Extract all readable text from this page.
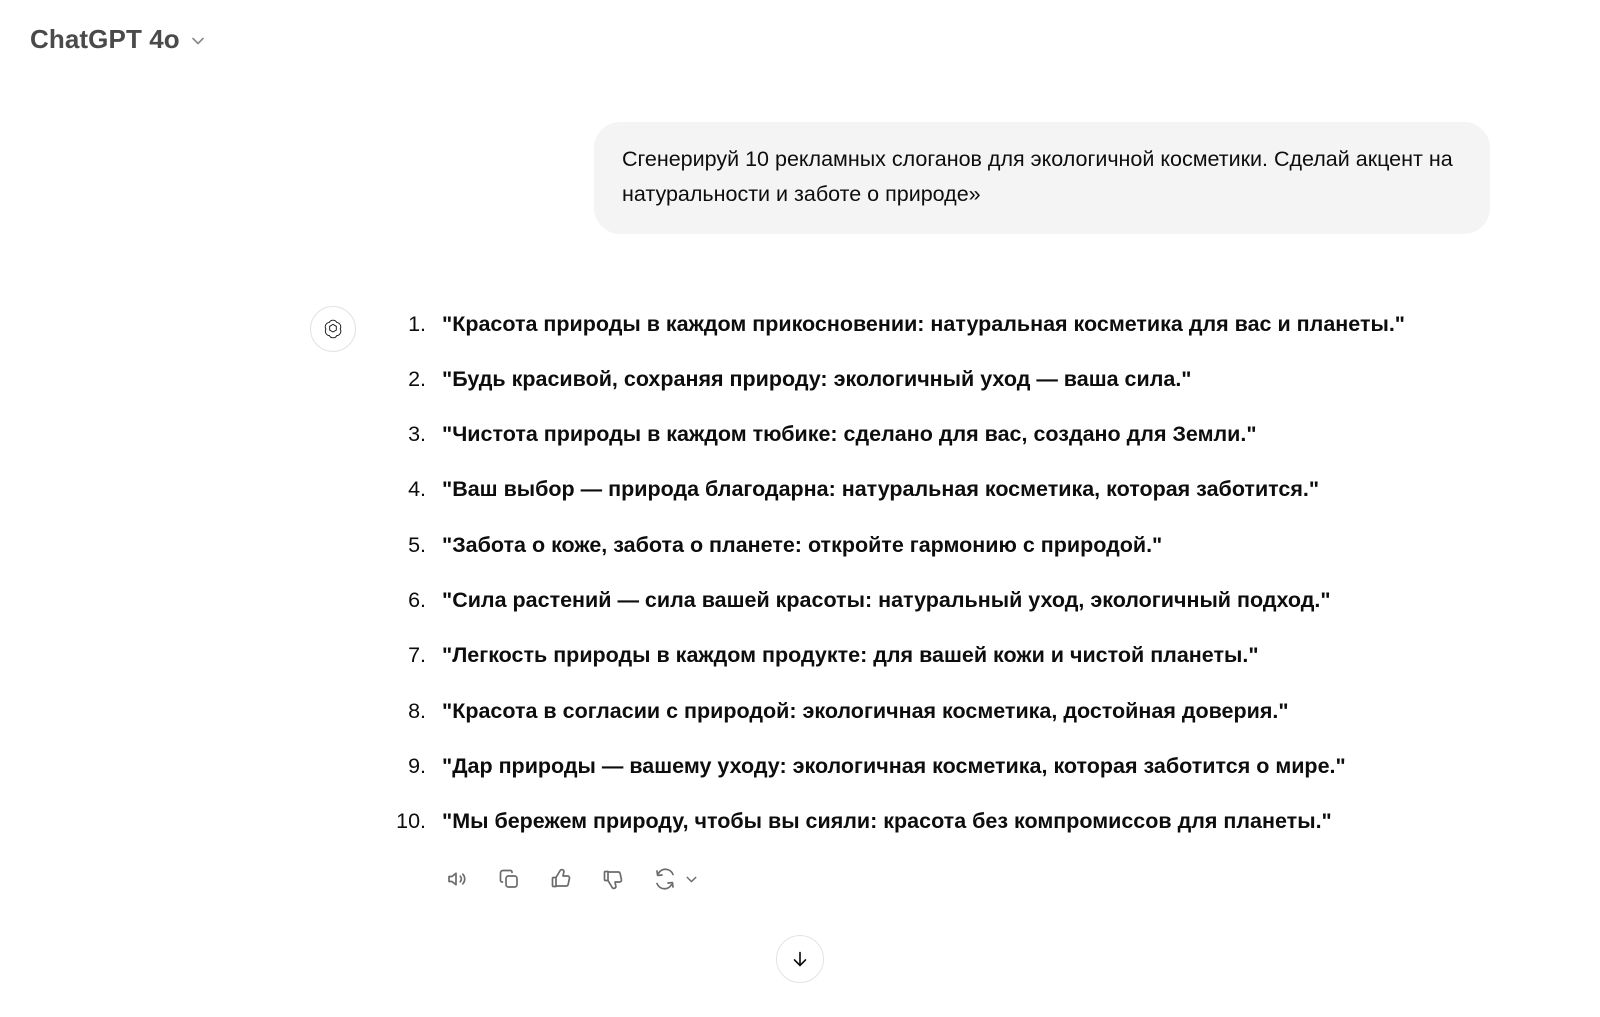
ChatGPT 4o
Сгенерируй 10 рекламных слоганов для экологичной косметики. Сделай акцент на натуральности и заботе о природе»
1. "Красота природы в каждом прикосновении: натуральная косметика для вас и планеты."
2. "Будь красивой, сохраняя природу: экологичный уход — ваша сила."
3. "Чистота природы в каждом тюбике: сделано для вас, создано для Земли."
4. "Ваш выбор — природа благодарна: натуральная косметика, которая заботится."
5. "Забота о коже, забота о планете: откройте гармонию с природой."
6. "Сила растений — сила вашей красоты: натуральный уход, экологичный подход."
7. "Легкость природы в каждом продукте: для вашей кожи и чистой планеты."
8. "Красота в согласии с природой: экологичная косметика, достойная доверия."
9. "Дар природы — вашему уходу: экологичная косметика, которая заботится о мире."
10. "Мы бережем природу, чтобы вы сияли: красота без компромиссов для планеты."
